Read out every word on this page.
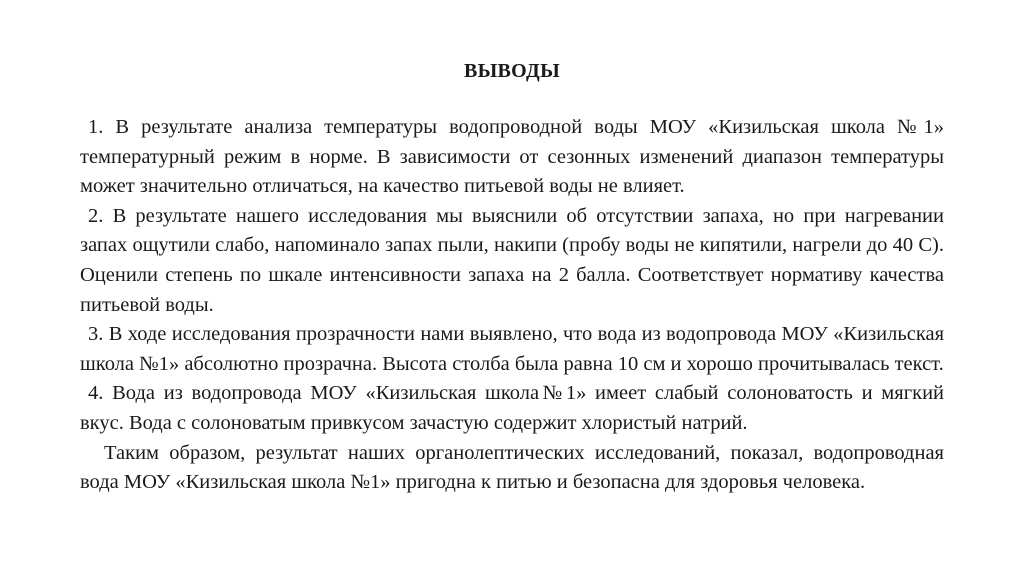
ВЫВОДЫ

1. В результате анализа температуры водопроводной воды МОУ «Кизильская школа №1» температурный режим в норме. В зависимости от сезонных изменений диапазон температуры может значительно отличаться, на качество питьевой воды не влияет.

2. В результате нашего исследования мы выяснили об отсутствии запаха, но при нагревании запах ощутили слабо, напоминало запах пыли, накипи (пробу воды не кипятили, нагрели до 40 С). Оценили степень по шкале интенсивности запаха на 2 балла. Соответствует нормативу качества питьевой воды.

3. В ходе исследования прозрачности нами выявлено, что вода из водопровода МОУ «Кизильская школа №1» абсолютно прозрачна. Высота столба была равна 10 см и хорошо прочитывалась текст.

4. Вода из водопровода МОУ «Кизильская школа№1» имеет слабый солоноватость и мягкий вкус. Вода с солоноватым привкусом зачастую содержит хлористый натрий.

Таким образом, результат наших органолептических исследований, показал, водопроводная вода МОУ «Кизильская школа №1» пригодна к питью и безопасна для здоровья человека.
